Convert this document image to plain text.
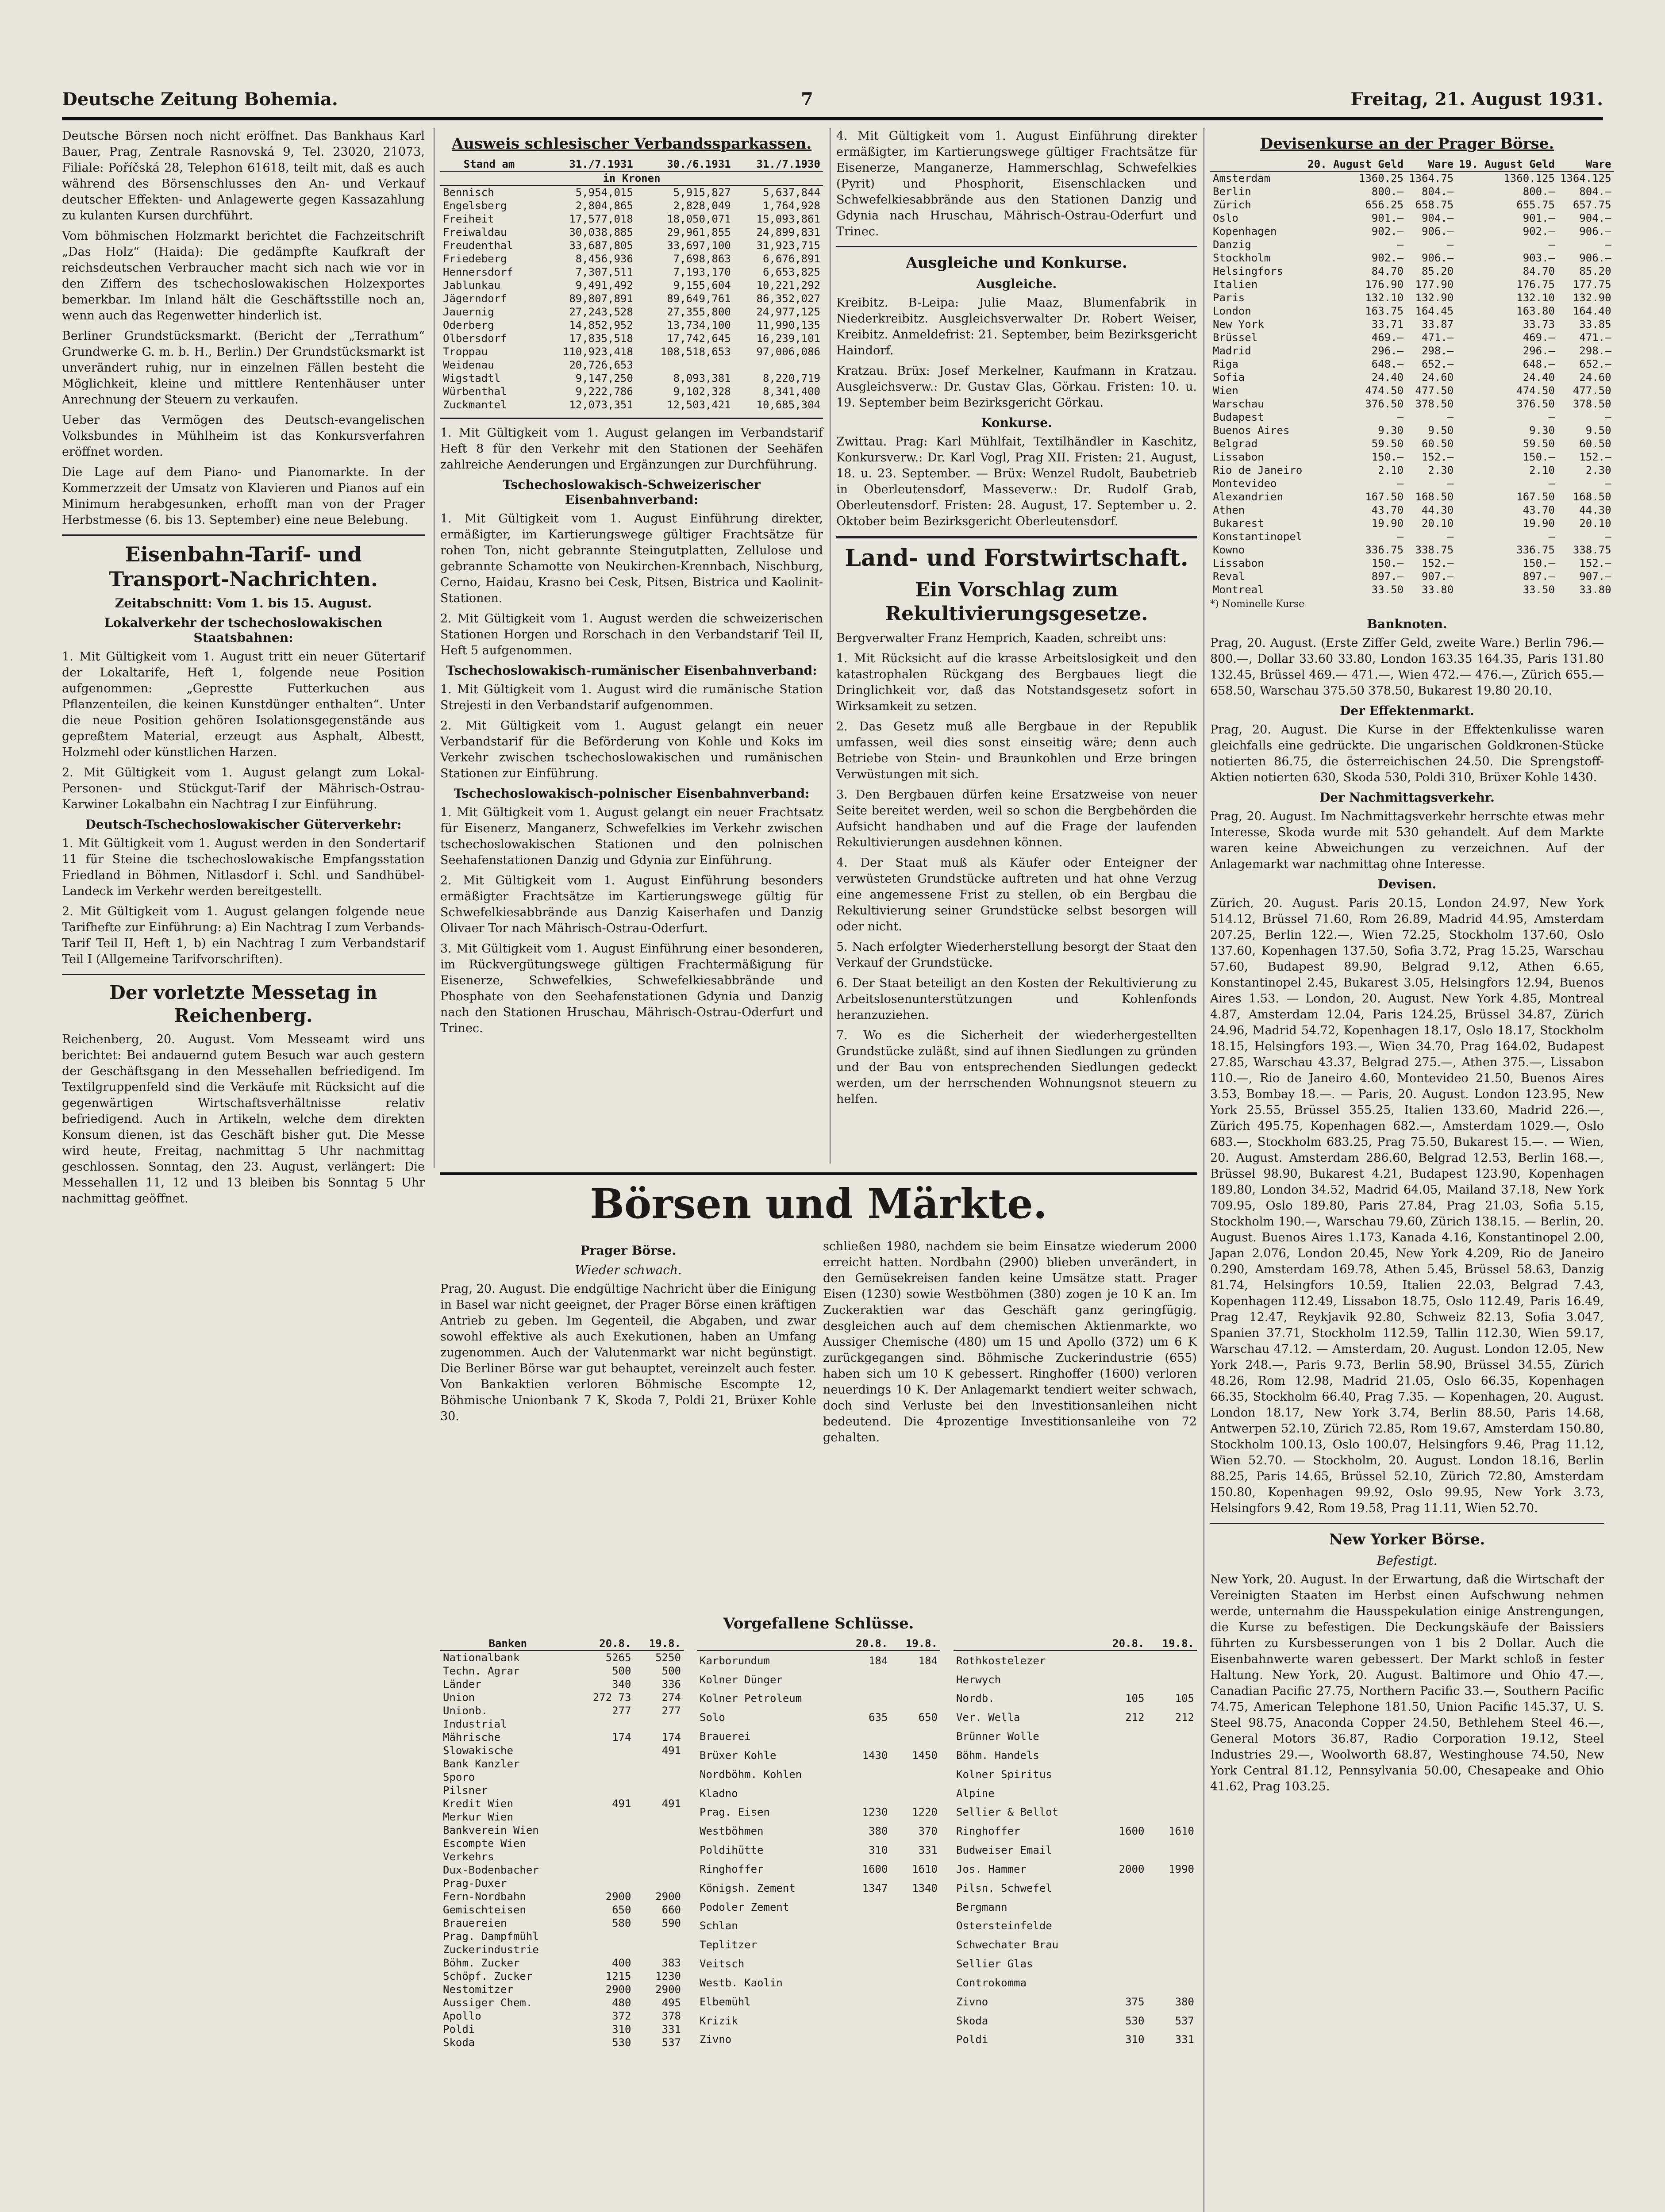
Deutsche Zeitung Bohemia.	7	Freitag, 21. August 1931.

Deutsche Börsen noch nicht eröffnet. Das Bankhaus Karl Bauer, Prag, Zentrale Rasnovská 9, Tel. 23020, 21073, Filiale: Poříčská 28, Telephon 61618, teilt mit, daß es auch während des Börsenschlusses den An- und Verkauf deutscher Effekten- und Anlagewerte gegen Kassazahlung zu kulanten Kursen durchführt.

Vom böhmischen Holzmarkt berichtet die Fachzeitschrift „Das Holz“ (Haida): Die gedämpfte Kaufkraft der reichsdeutschen Verbraucher macht sich nach wie vor in den Ziffern des tschechoslowakischen Holzexportes bemerkbar. Im Inland hält die Geschäftsstille noch an, wenn auch das Regenwetter hinderlich ist.

Berliner Grundstücksmarkt. (Bericht der „Terrathum“ Grundwerke G. m. b. H., Berlin.) Der Grundstücksmarkt ist unverändert ruhig, nur in einzelnen Fällen besteht die Möglichkeit, kleine und mittlere Rentenhäuser unter Anrechnung der Steuern zu verkaufen.

Ueber das Vermögen des Deutsch-evangelischen Volksbundes in Mühlheim ist das Konkursverfahren eröffnet worden.

Die Lage auf dem Piano- und Pianomarkte. In der Kommerzzeit der Umsatz von Klavieren und Pianos auf ein Minimum herabgesunken, erhofft man von der Prager Herbstmesse (6. bis 13. September) eine neue Belebung.

Eisenbahn-Tarif- und Transport-Nachrichten.
Zeitabschnitt: Vom 1. bis 15. August.
Lokalverkehr der tschechoslowakischen Staatsbahnen:

1. Mit Gültigkeit vom 1. August tritt ein neuer Gütertarif der Lokaltarife, Heft 1, folgende neue Position aufgenommen: „Geprestte Futterkuchen aus Pflanzenteilen, die keinen Kunstdünger enthalten“. Unter die neue Position gehören Isolationsgegenstände aus gepreßtem Material, erzeugt aus Asphalt, Albestt, Holzmehl oder künstlichen Harzen.

2. Mit Gültigkeit vom 1. August gelangt zum Lokal-Personen- und Stückgut-Tarif der Mährisch-Ostrau-Karwiner Lokalbahn ein Nachtrag I zur Einführung.

Deutsch-Tschechoslowakischer Güterverkehr:

1. Mit Gültigkeit vom 1. August werden in den Sondertarif 11 für Steine die tschechoslowakische Empfangsstation Friedland in Böhmen, Nitlasdorf i. Schl. und Sandhübel-Landeck im Verkehr werden bereitgestellt.

2. Mit Gültigkeit vom 1. August gelangen folgende neue Tarifhefte zur Einführung: a) Ein Nachtrag I zum Verbands-Tarif Teil II, Heft 1, b) ein Nachtrag I zum Verbandstarif Teil I (Allgemeine Tarifvorschriften).

Der vorletzte Messetag in Reichenberg.

Reichenberg, 20. August. Vom Messeamt wird uns berichtet: Bei andauernd gutem Besuch war auch gestern der Geschäftsgang in den Messehallen befriedigend. Im Textilgruppenfeld sind die Verkäufe mit Rücksicht auf die gegenwärtigen Wirtschaftsverhältnisse relativ befriedigend. Auch in Artikeln, welche dem direkten Konsum dienen, ist das Geschäft bisher gut. Die Messe wird heute, Freitag, nachmittag 5 Uhr nachmittag geschlossen. Sonntag, den 23. August, verlängert: Die Messehallen 11, 12 und 13 bleiben bis Sonntag 5 Uhr nachmittag geöffnet.

Ausweis schlesischer Verbandssparkassen.
Stand am	31./7.1931	30./6.1931	31./7.1930
in Kronen			
Bennisch	5,954,015	5,915,827	5,637,844
Engelsberg	2,804,865	2,828,049	1,764,928
Freiheit	17,577,018	18,050,071	15,093,861
Freiwaldau	30,038,885	29,961,855	24,899,831
Freudenthal	33,687,805	33,697,100	31,923,715
Friedeberg	8,456,936	7,698,863	6,676,891
Hennersdorf	7,307,511	7,193,170	6,653,825
Jablunkau	9,491,492	9,155,604	10,221,292
Jägerndorf	89,807,891	89,649,761	86,352,027
Jauernig	27,243,528	27,355,800	24,977,125
Oderberg	14,852,952	13,734,100	11,990,135
Olbersdorf	17,835,518	17,742,645	16,239,101
Troppau	110,923,418	108,518,653	97,006,086
Weidenau	20,726,653		
Wigstadtl	9,147,250	8,093,381	8,220,719
Würbenthal	9,222,786	9,102,328	8,341,400
Zuckmantel	12,073,351	12,503,421	10,685,304

1. Mit Gültigkeit vom 1. August gelangen im Verbandstarif Heft 8 für den Verkehr mit den Stationen der Seehäfen zahlreiche Aenderungen und Ergänzungen zur Durchführung.

Tschechoslowakisch-Schweizerischer Eisenbahnverband:

1. Mit Gültigkeit vom 1. August Einführung direkter, ermäßigter, im Kartierungswege gültiger Frachtsätze für rohen Ton, nicht gebrannte Steingutplatten, Zellulose und gebrannte Schamotte von Neukirchen-Krennbach, Nischburg, Cerno, Haidau, Krasno bei Cesk, Pitsen, Bistrica und Kaolinit-Stationen.

2. Mit Gültigkeit vom 1. August werden die schweizerischen Stationen Horgen und Rorschach in den Verbandstarif Teil II, Heft 5 aufgenommen.

Tschechoslowakisch-rumänischer Eisenbahnverband:

1. Mit Gültigkeit vom 1. August wird die rumänische Station Strejesti in den Verbandstarif aufgenommen.

2. Mit Gültigkeit vom 1. August gelangt ein neuer Verbandstarif für die Beförderung von Kohle und Koks im Verkehr zwischen tschechoslowakischen und rumänischen Stationen zur Einführung.

Tschechoslowakisch-polnischer Eisenbahnverband:

1. Mit Gültigkeit vom 1. August gelangt ein neuer Frachtsatz für Eisenerz, Manganerz, Schwefelkies im Verkehr zwischen tschechoslowakischen Stationen und den polnischen Seehafenstationen Danzig und Gdynia zur Einführung.

2. Mit Gültigkeit vom 1. August Einführung besonders ermäßigter Frachtsätze im Kartierungswege gültig für Schwefelkiesabbrände aus Danzig Kaiserhafen und Danzig Olivaer Tor nach Mährisch-Ostrau-Oderfurt.

3. Mit Gültigkeit vom 1. August Einführung einer besonderen, im Rückvergütungswege gültigen Frachtermäßigung für Eisenerze, Schwefelkies, Schwefelkiesabbrände und Phosphate von den Seehafenstationen Gdynia und Danzig nach den Stationen Hruschau, Mährisch-Ostrau-Oderfurt und Trinec.

4. Mit Gültigkeit vom 1. August Einführung direkter ermäßigter, im Kartierungswege gültiger Frachtsätze für Eisenerze, Manganerze, Hammerschlag, Schwefelkies (Pyrit) und Phosphorit, Eisenschlacken und Schwefelkiesabbrände aus den Stationen Danzig und Gdynia nach Hruschau, Mährisch-Ostrau-Oderfurt und Trinec.

Ausgleiche und Konkurse.
Ausgleiche.

Kreibitz. B-Leipa: Julie Maaz, Blumenfabrik in Niederkreibitz. Ausgleichsverwalter Dr. Robert Weiser, Kreibitz. Anmeldefrist: 21. September, beim Bezirksgericht Haindorf.

Kratzau. Brüx: Josef Merkelner, Kaufmann in Kratzau. Ausgleichsverw.: Dr. Gustav Glas, Görkau. Fristen: 10. u. 19. September beim Bezirksgericht Görkau.

Konkurse.

Zwittau. Prag: Karl Mühlfait, Textilhändler in Kaschitz, Konkursverw.: Dr. Karl Vogl, Prag XII. Fristen: 21. August, 18. u. 23. September. — Brüx: Wenzel Rudolt, Baubetrieb in Oberleutensdorf, Masseverw.: Dr. Rudolf Grab, Oberleutensdorf. Fristen: 28. August, 17. September u. 2. Oktober beim Bezirksgericht Oberleutensdorf.

Land- und Forstwirtschaft.
Ein Vorschlag zum Rekultivierungsgesetze.

Bergverwalter Franz Hemprich, Kaaden, schreibt uns:

1. Mit Rücksicht auf die krasse Arbeitslosigkeit und den katastrophalen Rückgang des Bergbaues liegt die Dringlichkeit vor, daß das Notstandsgesetz sofort in Wirksamkeit zu setzen.

2. Das Gesetz muß alle Bergbaue in der Republik umfassen, weil dies sonst einseitig wäre; denn auch Betriebe von Stein- und Braunkohlen und Erze bringen Verwüstungen mit sich.

3. Den Bergbauen dürfen keine Ersatzweise von neuer Seite bereitet werden, weil so schon die Bergbehörden die Aufsicht handhaben und auf die Frage der laufenden Rekultivierungen ausdehnen können.

4. Der Staat muß als Käufer oder Enteigner der verwüsteten Grundstücke auftreten und hat ohne Verzug eine angemessene Frist zu stellen, ob ein Bergbau die Rekultivierung seiner Grundstücke selbst besorgen will oder nicht.

5. Nach erfolgter Wiederherstellung besorgt der Staat den Verkauf der Grundstücke.

6. Der Staat beteiligt an den Kosten der Rekultivierung zu Arbeitslosenunterstützungen und Kohlenfonds heranzuziehen.

7. Wo es die Sicherheit der wiederhergestellten Grundstücke zuläßt, sind auf ihnen Siedlungen zu gründen und der Bau von entsprechenden Siedlungen gedeckt werden, um der herrschenden Wohnungsnot steuern zu helfen.

Börsen und Märkte.
Prager Börse.
Wieder schwach.

Prag, 20. August. Die endgültige Nachricht über die Einigung in Basel war nicht geeignet, der Prager Börse einen kräftigen Antrieb zu geben. Im Gegenteil, die Abgaben, und zwar sowohl effektive als auch Exekutionen, haben an Umfang zugenommen. Auch der Valutenmarkt war nicht begünstigt. Die Berliner Börse war gut behauptet, vereinzelt auch fester. Von Bankaktien verloren Böhmische Escompte 12, Böhmische Unionbank 7 K, Skoda 7, Poldi 21, Brüxer Kohle 30.

schließen 1980, nachdem sie beim Einsatze wiederum 2000 erreicht hatten. Nordbahn (2900) blieben unverändert, in den Gemüsekreisen fanden keine Umsätze statt. Prager Eisen (1230) sowie Westböhmen (380) zogen je 10 K an. Im Zuckeraktien war das Geschäft ganz geringfügig, desgleichen auch auf dem chemischen Aktienmarkte, wo Aussiger Chemische (480) um 15 und Apollo (372) um 6 K zurückgegangen sind. Böhmische Zuckerindustrie (655) haben sich um 10 K gebessert. Ringhoffer (1600) verloren neuerdings 10 K. Der Anlagemarkt tendiert weiter schwach, doch sind Verluste bei den Investitionsanleihen nicht bedeutend. Die 4prozentige Investitionsanleihe von 72 gehalten.

Vorgefallene Schlüsse.
Banken	20.8.	19.8.
Nationalbank	5265	5250
Techn. Agrar	500	500
Länder	340	336
Union	272 73	274
Unionb.	277	277
Industrial		
Mährische	174	174
Slowakische		491
Bank Kanzler		
Sporo		
Pilsner		
Kredit Wien	491	491
Merkur Wien		
Bankverein Wien		
Escompte Wien		
Verkehrs		
Dux-Bodenbacher		
Prag-Duxer		
Fern-Nordbahn	2900	2900
Gemischteisen	650	660
Brauereien	580	590
Prag. Dampfmühl		
Zuckerindustrie		
Böhm. Zucker	400	383
Schöpf. Zucker	1215	1230
Nestomitzer	2900	2900
Aussiger Chem.	480	495
Apollo	372	378
Poldi	310	331
Skoda	530	537
	20.8.	19.8.
Karborundum	184	184
Kolner Dünger		
Kolner Petroleum		
Solo	635	650
Brauerei		
Brüxer Kohle	1430	1450
Nordböhm. Kohlen		
Kladno		
Prag. Eisen	1230	1220
Westböhmen	380	370
Poldihütte	310	331
Ringhoffer	1600	1610
Königsh. Zement	1347	1340
Podoler Zement		
Schlan		
Teplitzer		
Veitsch		
Westb. Kaolin		
Elbemühl		
Krizik		
Zivno		
	20.8.	19.8.
Rothkostelezer		
Herwych		
Nordb.	105	105
Ver. Wella	212	212
Brünner Wolle		
Böhm. Handels		
Kolner Spiritus		
Alpine		
Sellier & Bellot		
Ringhoffer	1600	1610
Budweiser Email		
Jos. Hammer	2000	1990
Pilsn. Schwefel		
Bergmann		
Ostersteinfelde		
Schwechater Brau		
Sellier Glas		
Controkomma		
Zivno	375	380
Skoda	530	537
Poldi	310	331

Devisenkurse an der Prager Börse.
	20. August Geld	Ware	19. August Geld	Ware
Amsterdam	1360.25	1364.75	1360.125	1364.125
Berlin	800.—	804.—	800.—	804.—
Zürich	656.25	658.75	655.75	657.75
Oslo	901.—	904.—	901.—	904.—
Kopenhagen	902.—	906.—	902.—	906.—
Danzig	—	—	—	—
Stockholm	902.—	906.—	903.—	906.—
Helsingfors	84.70	85.20	84.70	85.20
Italien	176.90	177.90	176.75	177.75
Paris	132.10	132.90	132.10	132.90
London	163.75	164.45	163.80	164.40
New York	33.71	33.87	33.73	33.85
Brüssel	469.—	471.—	469.—	471.—
Madrid	296.—	298.—	296.—	298.—
Riga	648.—	652.—	648.—	652.—
Sofia	24.40	24.60	24.40	24.60
Wien	474.50	477.50	474.50	477.50
Warschau	376.50	378.50	376.50	378.50
Budapest	—	—	—	—
Buenos Aires	9.30	9.50	9.30	9.50
Belgrad	59.50	60.50	59.50	60.50
Lissabon	150.—	152.—	150.—	152.—
Rio de Janeiro	2.10	2.30	2.10	2.30
Montevideo	—	—	—	—
Alexandrien	167.50	168.50	167.50	168.50
Athen	43.70	44.30	43.70	44.30
Bukarest	19.90	20.10	19.90	20.10
Konstantinopel	—	—	—	—
Kowno	336.75	338.75	336.75	338.75
Lissabon	150.—	152.—	150.—	152.—
Reval	897.—	907.—	897.—	907.—
Montreal	33.50	33.80	33.50	33.80

*) Nominelle Kurse

Banknoten.

Prag, 20. August. (Erste Ziffer Geld, zweite Ware.) Berlin 796.— 800.—, Dollar 33.60 33.80, London 163.35 164.35, Paris 131.80 132.45, Brüssel 469.— 471.—, Wien 472.— 476.—, Zürich 655.— 658.50, Warschau 375.50 378.50, Bukarest 19.80 20.10.

Der Effektenmarkt.

Prag, 20. August. Die Kurse in der Effektenkulisse waren gleichfalls eine gedrückte. Die ungarischen Goldkronen-Stücke notierten 86.75, die österreichischen 24.50. Die Sprengstoff-Aktien notierten 630, Skoda 530, Poldi 310, Brüxer Kohle 1430.

Der Nachmittagsverkehr.

Prag, 20. August. Im Nachmittagsverkehr herrschte etwas mehr Interesse, Skoda wurde mit 530 gehandelt. Auf dem Markte waren keine Abweichungen zu verzeichnen. Auf der Anlagemarkt war nachmittag ohne Interesse.

Devisen.

Zürich, 20. August. Paris 20.15, London 24.97, New York 514.12, Brüssel 71.60, Rom 26.89, Madrid 44.95, Amsterdam 207.25, Berlin 122.—, Wien 72.25, Stockholm 137.60, Oslo 137.60, Kopenhagen 137.50, Sofia 3.72, Prag 15.25, Warschau 57.60, Budapest 89.90, Belgrad 9.12, Athen 6.65, Konstantinopel 2.45, Bukarest 3.05, Helsingfors 12.94, Buenos Aires 1.53. — London, 20. August. New York 4.85, Montreal 4.87, Amsterdam 12.04, Paris 124.25, Brüssel 34.87, Zürich 24.96, Madrid 54.72, Kopenhagen 18.17, Oslo 18.17, Stockholm 18.15, Helsingfors 193.—, Wien 34.70, Prag 164.02, Budapest 27.85, Warschau 43.37, Belgrad 275.—, Athen 375.—, Lissabon 110.—, Rio de Janeiro 4.60, Montevideo 21.50, Buenos Aires 3.53, Bombay 18.—. — Paris, 20. August. London 123.95, New York 25.55, Brüssel 355.25, Italien 133.60, Madrid 226.—, Zürich 495.75, Kopenhagen 682.—, Amsterdam 1029.—, Oslo 683.—, Stockholm 683.25, Prag 75.50, Bukarest 15.—. — Wien, 20. August. Amsterdam 286.60, Belgrad 12.53, Berlin 168.—, Brüssel 98.90, Bukarest 4.21, Budapest 123.90, Kopenhagen 189.80, London 34.52, Madrid 64.05, Mailand 37.18, New York 709.95, Oslo 189.80, Paris 27.84, Prag 21.03, Sofia 5.15, Stockholm 190.—, Warschau 79.60, Zürich 138.15. — Berlin, 20. August. Buenos Aires 1.173, Kanada 4.16, Konstantinopel 2.00, Japan 2.076, London 20.45, New York 4.209, Rio de Janeiro 0.290, Amsterdam 169.78, Athen 5.45, Brüssel 58.63, Danzig 81.74, Helsingfors 10.59, Italien 22.03, Belgrad 7.43, Kopenhagen 112.49, Lissabon 18.75, Oslo 112.49, Paris 16.49, Prag 12.47, Reykjavik 92.80, Schweiz 82.13, Sofia 3.047, Spanien 37.71, Stockholm 112.59, Tallin 112.30, Wien 59.17, Warschau 47.12. — Amsterdam, 20. August. London 12.05, New York 248.—, Paris 9.73, Berlin 58.90, Brüssel 34.55, Zürich 48.26, Rom 12.98, Madrid 21.05, Oslo 66.35, Kopenhagen 66.35, Stockholm 66.40, Prag 7.35. — Kopenhagen, 20. August. London 18.17, New York 3.74, Berlin 88.50, Paris 14.68, Antwerpen 52.10, Zürich 72.85, Rom 19.67, Amsterdam 150.80, Stockholm 100.13, Oslo 100.07, Helsingfors 9.46, Prag 11.12, Wien 52.70. — Stockholm, 20. August. London 18.16, Berlin 88.25, Paris 14.65, Brüssel 52.10, Zürich 72.80, Amsterdam 150.80, Kopenhagen 99.92, Oslo 99.95, New York 3.73, Helsingfors 9.42, Rom 19.58, Prag 11.11, Wien 52.70.

New Yorker Börse.
Befestigt.

New York, 20. August. In der Erwartung, daß die Wirtschaft der Vereinigten Staaten im Herbst einen Aufschwung nehmen werde, unternahm die Hausspekulation einige Anstrengungen, die Kurse zu befestigen. Die Deckungskäufe der Baissiers führten zu Kursbesserungen von 1 bis 2 Dollar. Auch die Eisenbahnwerte waren gebessert. Der Markt schloß in fester Haltung. New York, 20. August. Baltimore und Ohio 47.—, Canadian Pacific 27.75, Northern Pacific 33.—, Southern Pacific 74.75, American Telephone 181.50, Union Pacific 145.37, U. S. Steel 98.75, Anaconda Copper 24.50, Bethlehem Steel 46.—, General Motors 36.87, Radio Corporation 19.12, Steel Industries 29.—, Woolworth 68.87, Westinghouse 74.50, New York Central 81.12, Pennsylvania 50.00, Chesapeake and Ohio 41.62, Prag 103.25.
